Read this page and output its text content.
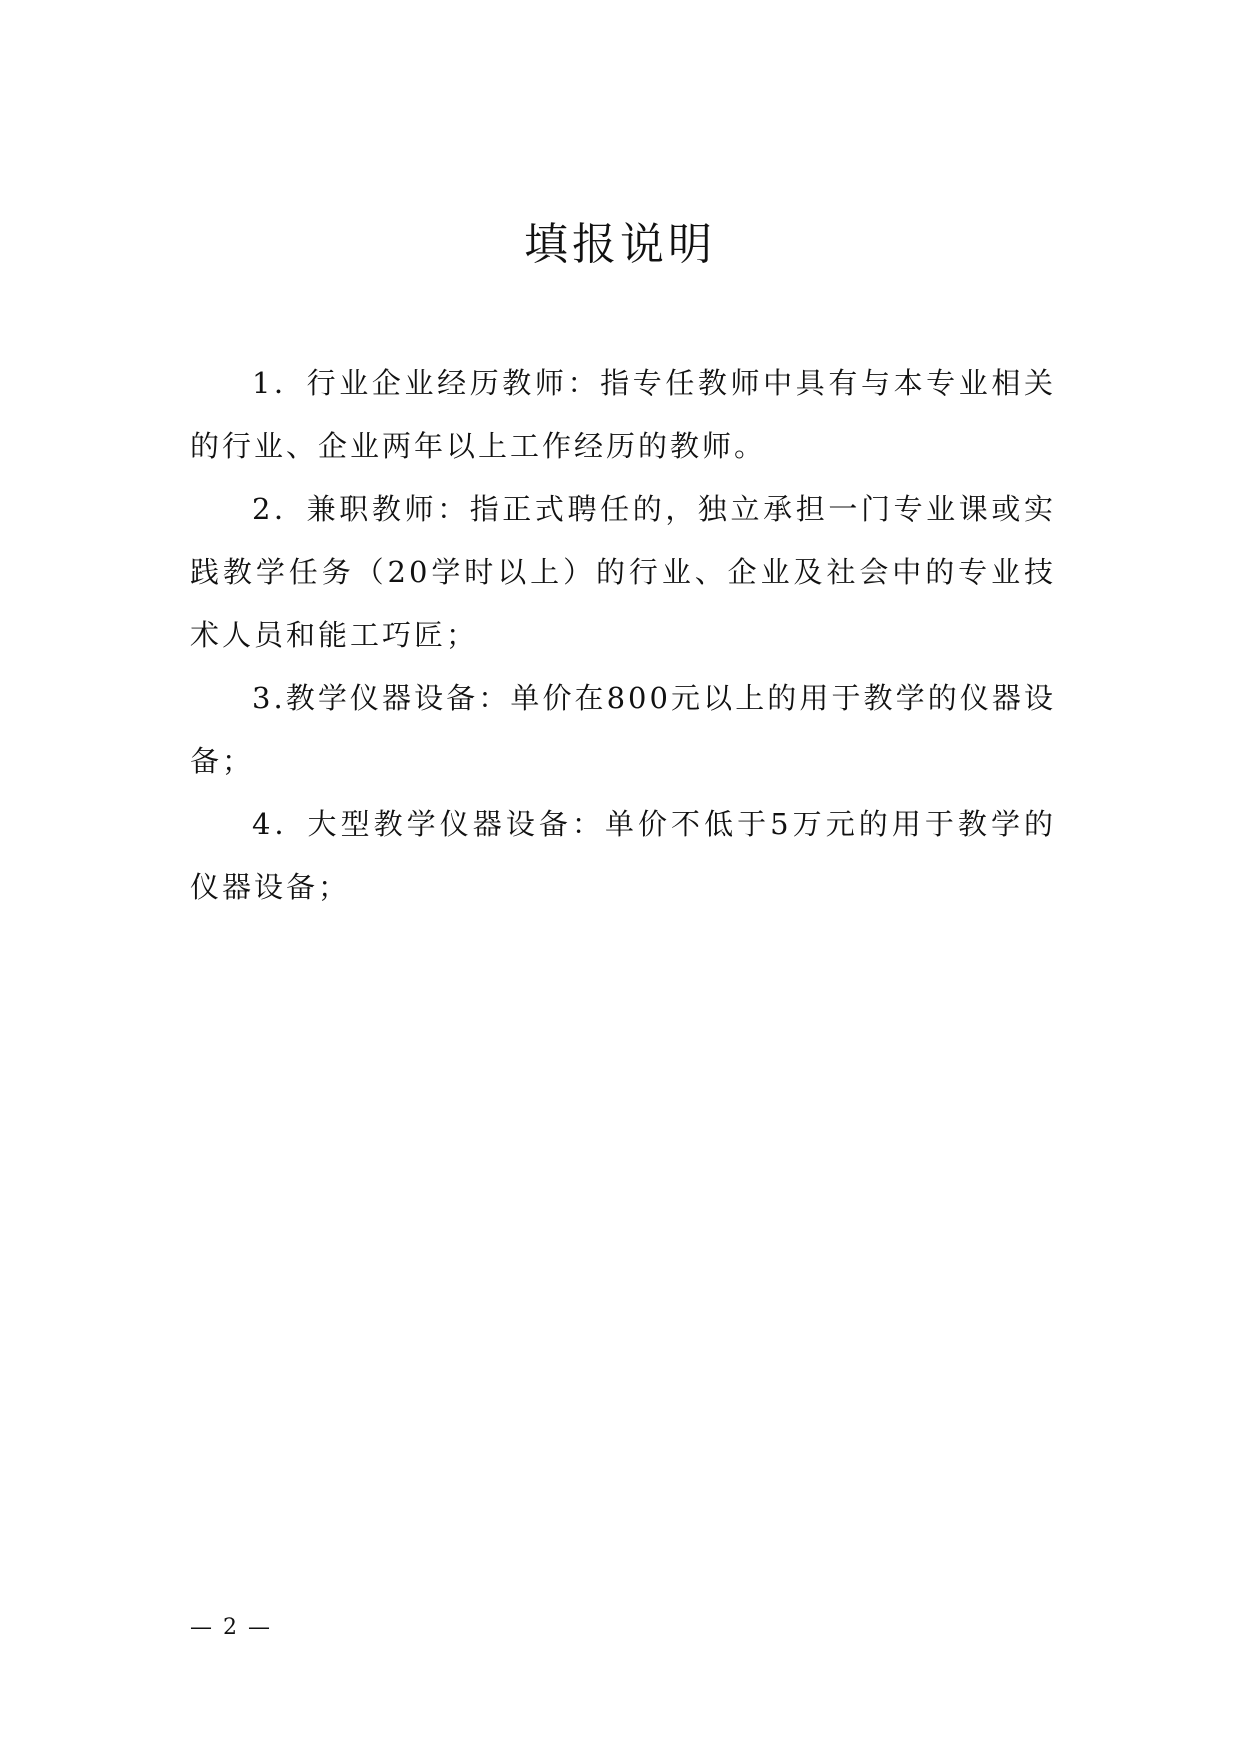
填报说明

1．行业企业经历教师：指专任教师中具有与本专业相关的行业、企业两年以上工作经历的教师。

2．兼职教师：指正式聘任的，独立承担一门专业课或实践教学任务（20学时以上）的行业、企业及社会中的专业技术人员和能工巧匠；

3.教学仪器设备：单价在800元以上的用于教学的仪器设备；

4．大型教学仪器设备：单价不低于5万元的用于教学的仪器设备；

— 2 —
